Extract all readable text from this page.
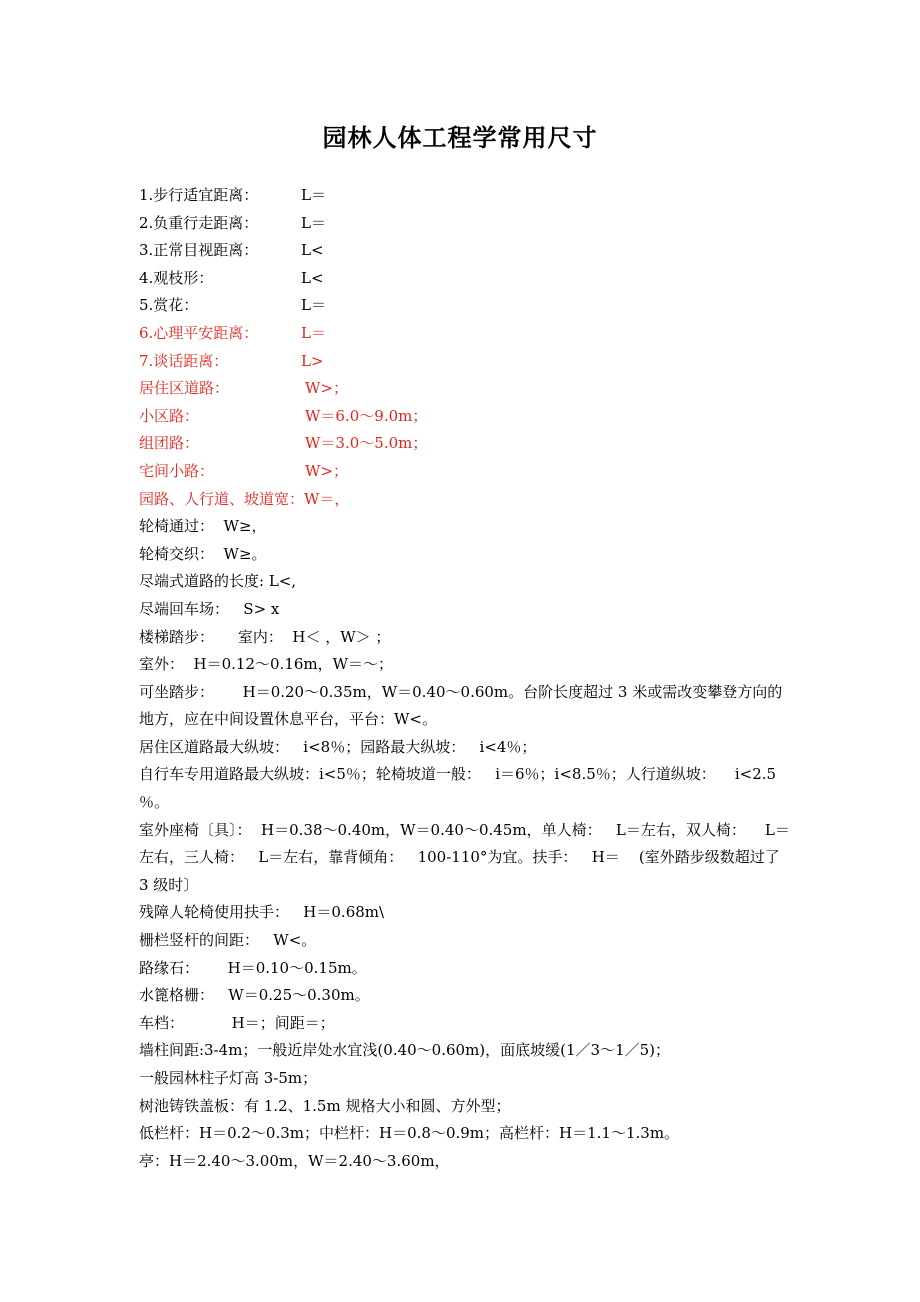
园林人体工程学常用尺寸
1.步行适宜距离：	L＝
2.负重行走距离：	L＝
3.正常目视距离：	L<
4.观枝形：	L<
5.赏花：	L＝
6.心理平安距离：	L＝
7.谈话距离：	L>
居住区道路：	W>；
小区路：	W＝6.0～9.0m；
组团路：	W＝3.0～5.0m；
宅间小路：	W>；
园路、人行道、坡道宽：W＝，
轮椅通过：  W≥，
轮椅交织：  W≥。
尽端式道路的长度: L<,
尽端回车场：   S> x
楼梯踏步：     室内：  H＜ ，W＞ ；
室外：  H＝0.12～0.16m，W＝～；
可坐踏步：      H＝0.20～0.35m，W＝0.40～0.60m。台阶长度超过 3 米或需改变攀登方向的
地方，应在中间设置休息平台，平台：W<。
居住区道路最大纵坡：   i<8％；园路最大纵坡：   i<4％；
自行车专用道路最大纵坡：i<5％；轮椅坡道一般：   i＝6％；i<8.5％；人行道纵坡：    i<2.5
％。
室外座椅〔具〕：  H＝0.38～0.40m，W＝0.40～0.45m，单人椅：   L＝左右，双人椅：    L＝
左右，三人椅：   L＝左右，靠背倾角：   100-110°为宜。扶手：   H＝    (室外踏步级数超过了
3 级时〕
残障人轮椅使用扶手：   H＝0.68m\
栅栏竖杆的间距：   W<。
路缘石：      H＝0.10～0.15m。
水篦格栅：   W＝0.25～0.30m。
车档：          H＝；间距＝；
墙柱间距:3-4m；一般近岸处水宜浅(0.40～0.60m)，面底坡缓(1／3～1／5)；
一般园林柱子灯高 3-5m；
树池铸铁盖板：有 1.2、1.5m 规格大小和圆、方外型；
低栏杆：H＝0.2～0.3m；中栏杆：H＝0.8～0.9m；高栏杆：H＝1.1～1.3m。
亭：H＝2.40～3.00m，W＝2.40～3.60m，
